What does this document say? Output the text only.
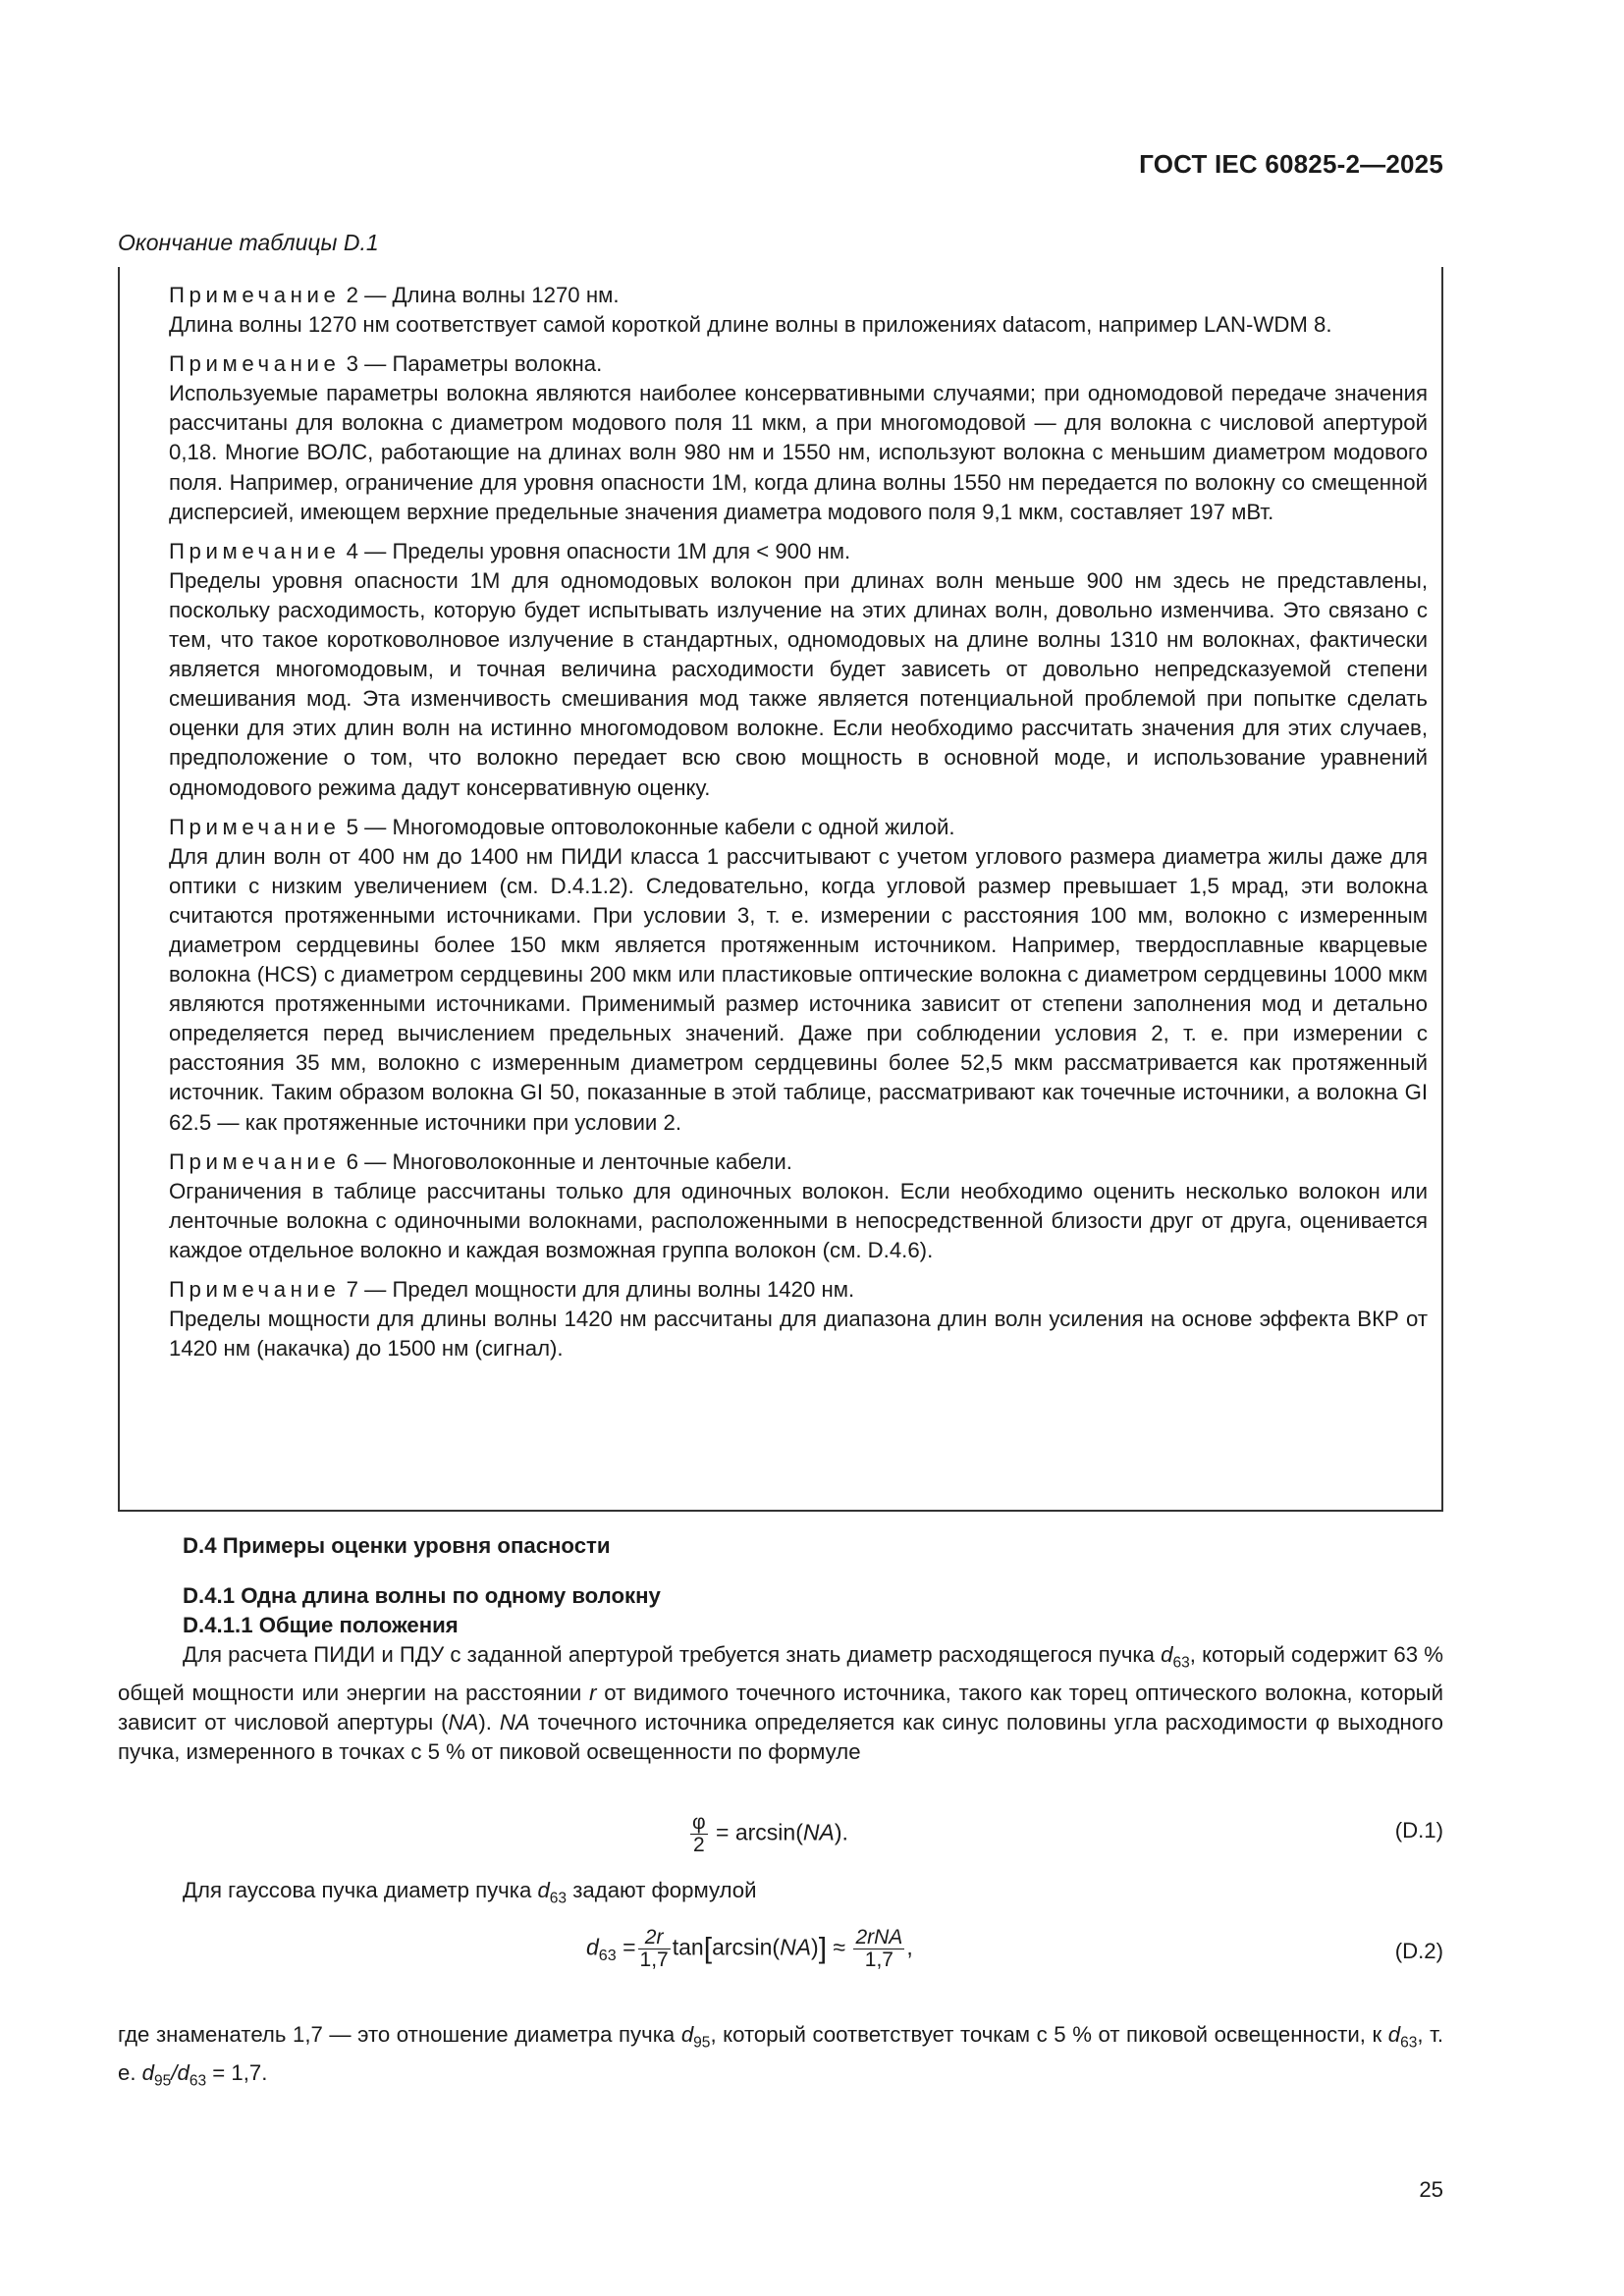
ГОСТ IEC 60825-2—2025
Окончание таблицы D.1
Примечание 2 — Длина волны 1270 нм.
Длина волны 1270 нм соответствует самой короткой длине волны в приложениях datacom, например LAN-WDM 8.
Примечание 3 — Параметры волокна.
Используемые параметры волокна являются наиболее консервативными случаями; при одномодовой передаче значения рассчитаны для волокна с диаметром модового поля 11 мкм, а при многомодовой — для волокна с числовой апертурой 0,18. Многие ВОЛС, работающие на длинах волн 980 нм и 1550 нм, используют волокна с меньшим диаметром модового поля. Например, ограничение для уровня опасности 1М, когда длина волны 1550 нм передается по волокну со смещенной дисперсией, имеющем верхние предельные значения диаметра модового поля 9,1 мкм, составляет 197 мВт.
Примечание 4 — Пределы уровня опасности 1М для < 900 нм.
Пределы уровня опасности 1М для одномодовых волокон при длинах волн меньше 900 нм здесь не представлены, поскольку расходимость, которую будет испытывать излучение на этих длинах волн, довольно изменчива. Это связано с тем, что такое коротковолновое излучение в стандартных, одномодовых на длине волны 1310 нм волокнах, фактически является многомодовым, и точная величина расходимости будет зависеть от довольно непредсказуемой степени смешивания мод. Эта изменчивость смешивания мод также является потенциальной проблемой при попытке сделать оценки для этих длин волн на истинно многомодовом волокне. Если необходимо рассчитать значения для этих случаев, предположение о том, что волокно передает всю свою мощность в основной моде, и использование уравнений одномодового режима дадут консервативную оценку.
Примечание 5 — Многомодовые оптоволоконные кабели с одной жилой.
Для длин волн от 400 нм до 1400 нм ПИДИ класса 1 рассчитывают с учетом углового размера диаметра жилы даже для оптики с низким увеличением (см. D.4.1.2). Следовательно, когда угловой размер превышает 1,5 мрад, эти волокна считаются протяженными источниками. При условии 3, т. е. измерении с расстояния 100 мм, волокно с измеренным диаметром сердцевины более 150 мкм является протяженным источником. Например, твердосплавные кварцевые волокна (HCS) с диаметром сердцевины 200 мкм или пластиковые оптические волокна с диаметром сердцевины 1000 мкм являются протяженными источниками. Применимый размер источника зависит от степени заполнения мод и детально определяется перед вычислением предельных значений. Даже при соблюдении условия 2, т. е. при измерении с расстояния 35 мм, волокно с измеренным диаметром сердцевины более 52,5 мкм рассматривается как протяженный источник. Таким образом волокна GI 50, показанные в этой таблице, рассматривают как точечные источники, а волокна GI 62.5 — как протяженные источники при условии 2.
Примечание 6 — Многоволоконные и ленточные кабели.
Ограничения в таблице рассчитаны только для одиночных волокон. Если необходимо оценить несколько волокон или ленточные волокна с одиночными волокнами, расположенными в непосредственной близости друг от друга, оценивается каждое отдельное волокно и каждая возможная группа волокон (см. D.4.6).
Примечание 7 — Предел мощности для длины волны 1420 нм.
Пределы мощности для длины волны 1420 нм рассчитаны для диапазона длин волн усиления на основе эффекта ВКР от 1420 нм (накачка) до 1500 нм (сигнал).
D.4 Примеры оценки уровня опасности
D.4.1 Одна длина волны по одному волокну
D.4.1.1 Общие положения
Для расчета ПИДИ и ПДУ с заданной апертурой требуется знать диаметр расходящегося пучка $d_{63}$, который содержит 63 % общей мощности или энергии на расстоянии r от видимого точечного источника, такого как торец оптического волокна, который зависит от числовой апертуры (NA). NA точечного источника определяется как синус половины угла расходимости φ выходного пучка, измеренного в точках с 5 % от пиковой освещенности по формуле
$\frac{\varphi}{2} = \arcsin(NA)$.	(D.1)
Для гауссова пучка диаметр пучка $d_{63}$ задают формулой
$d_{63} = \frac{2r}{1,7} \tan[\arcsin(NA)] \approx \frac{\text{2rNA}}{1,7}$ ,	(D.2)
где знаменатель 1,7 — это отношение диаметра пучка $d_{95}$, который соответствует точкам с 5 % от пиковой освещенности, к $d_{63}$, т. е. $d_{95}/d_{63} = 1,7$.
25
